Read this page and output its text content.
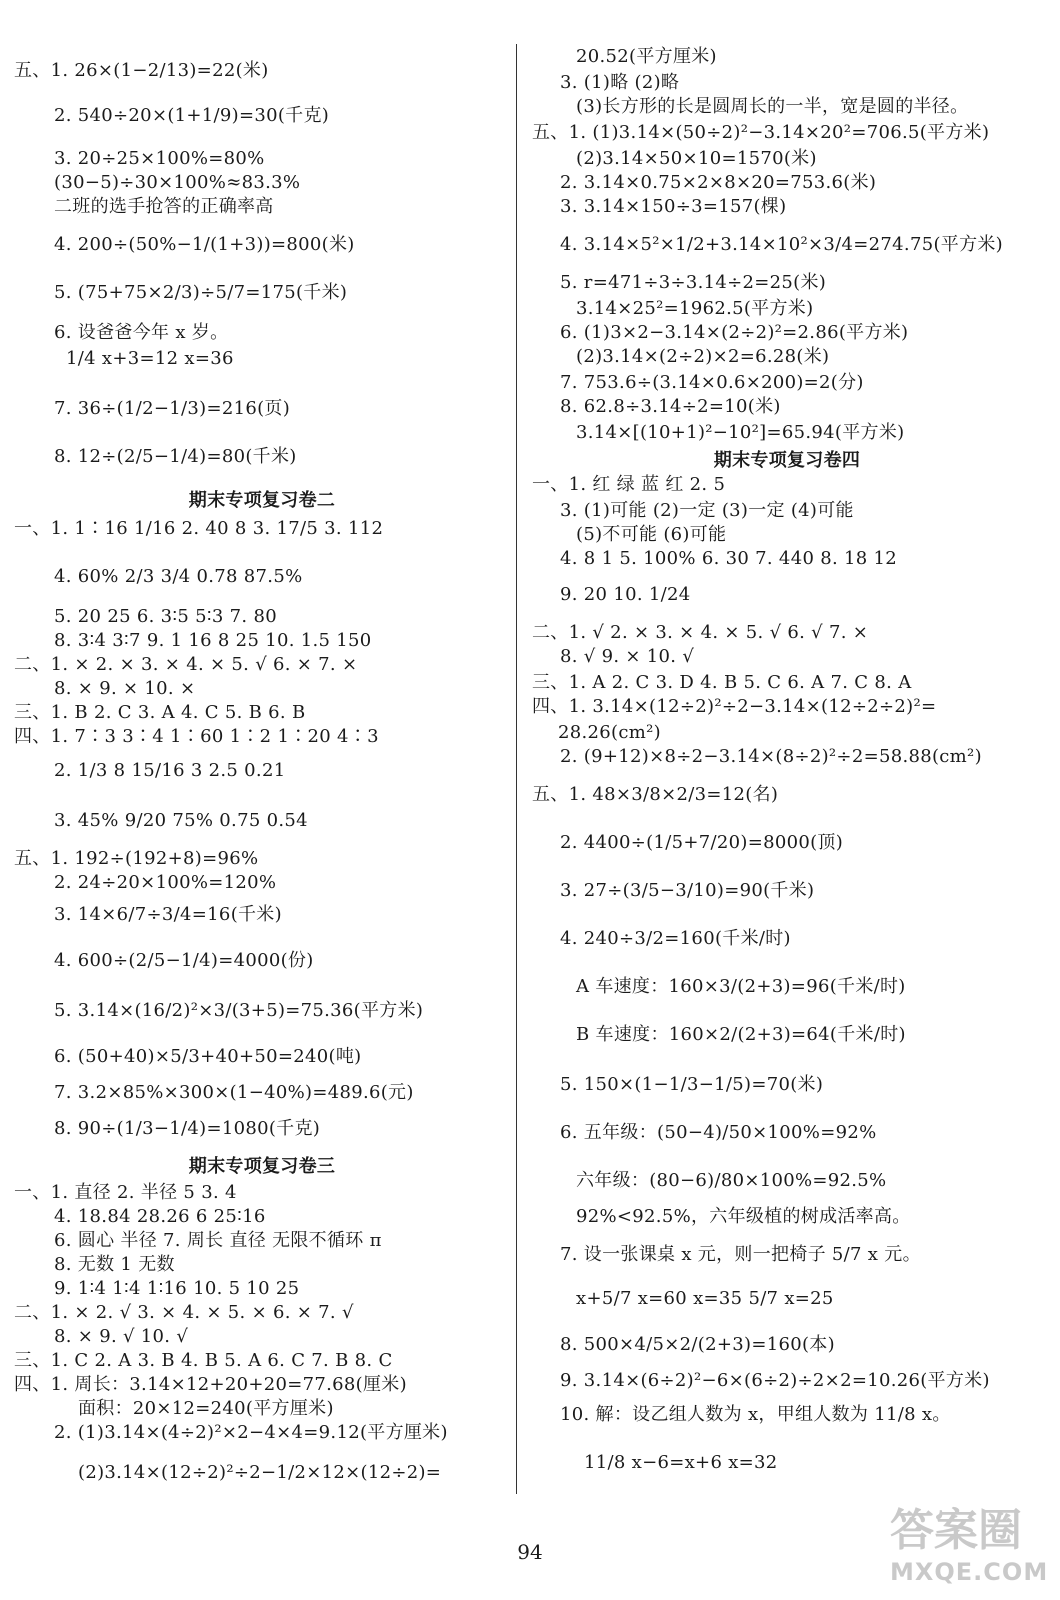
五、1. 26×(1−2/13)=22(米)
2. 540÷20×(1+1/9)=30(千克)
3. 20÷25×100%=80%
(30−5)÷30×100%≈83.3%
二班的选手抢答的正确率高
4. 200÷(50%−1/(1+3))=800(米)
5. (75+75×2/3)÷5/7=175(千米)
6. 设爸爸今年 x 岁。
1/4 x+3=12 x=36
7. 36÷(1/2−1/3)=216(页)
8. 12÷(2/5−1/4)=80(千米)
期末专项复习卷二
一、1. 1∶16 1/16 2. 40 8 3. 17/5 3. 112
4. 60% 2/3 3/4 0.78 87.5%
5. 20 25 6. 3∶5 5∶3 7. 80
8. 3∶4 3∶7 9. 1 16 8 25 10. 1.5 150
二、1. × 2. × 3. × 4. × 5. √ 6. × 7. ×
8. × 9. × 10. ×
三、1. B 2. C 3. A 4. C 5. B 6. B
四、1. 7∶3 3∶4 1∶60 1∶2 1∶20 4∶3
2. 1/3 8 15/16 3 2.5 0.21
3. 45% 9/20 75% 0.75 0.54
五、1. 192÷(192+8)=96%
2. 24÷20×100%=120%
3. 14×6/7÷3/4=16(千米)
4. 600÷(2/5−1/4)=4000(份)
5. 3.14×(16/2)²×3/(3+5)=75.36(平方米)
6. (50+40)×5/3+40+50=240(吨)
7. 3.2×85%×300×(1−40%)=489.6(元)
8. 90÷(1/3−1/4)=1080(千克)
期末专项复习卷三
一、1. 直径 2. 半径 5 3. 4
4. 18.84 28.26 6 25∶16
6. 圆心 半径 7. 周长 直径 无限不循环 π
8. 无数 1 无数
9. 1∶4 1∶4 1∶16 10. 5 10 25
二、1. × 2. √ 3. × 4. × 5. × 6. × 7. √
8. × 9. √ 10. √
三、1. C 2. A 3. B 4. B 5. A 6. C 7. B 8. C
四、1. 周长：3.14×12+20+20=77.68(厘米)
面积：20×12=240(平方厘米)
2. (1)3.14×(4÷2)²×2−4×4=9.12(平方厘米)
(2)3.14×(12÷2)²÷2−1/2×12×(12÷2)=
20.52(平方厘米)
3. (1)略 (2)略
(3)长方形的长是圆周长的一半，宽是圆的半径。
五、1. (1)3.14×(50÷2)²−3.14×20²=706.5(平方米)
(2)3.14×50×10=1570(米)
2. 3.14×0.75×2×8×20=753.6(米)
3. 3.14×150÷3=157(棵)
4. 3.14×5²×1/2+3.14×10²×3/4=274.75(平方米)
5. r=471÷3÷3.14÷2=25(米)
3.14×25²=1962.5(平方米)
6. (1)3×2−3.14×(2÷2)²=2.86(平方米)
(2)3.14×(2÷2)×2=6.28(米)
7. 753.6÷(3.14×0.6×200)=2(分)
8. 62.8÷3.14÷2=10(米)
3.14×[(10+1)²−10²]=65.94(平方米)
期末专项复习卷四
一、1. 红 绿 蓝 红 2. 5
3. (1)可能 (2)一定 (3)一定 (4)可能
(5)不可能 (6)可能
4. 8 1 5. 100% 6. 30 7. 440 8. 18 12
9. 20 10. 1/24
二、1. √ 2. × 3. × 4. × 5. √ 6. √ 7. ×
8. √ 9. × 10. √
三、1. A 2. C 3. D 4. B 5. C 6. A 7. C 8. A
四、1. 3.14×(12÷2)²÷2−3.14×(12÷2÷2)²=
28.26(cm²)
2. (9+12)×8÷2−3.14×(8÷2)²÷2=58.88(cm²)
五、1. 48×3/8×2/3=12(名)
2. 4400÷(1/5+7/20)=8000(顶)
3. 27÷(3/5−3/10)=90(千米)
4. 240÷3/2=160(千米/时)
A 车速度：160×3/(2+3)=96(千米/时)
B 车速度：160×2/(2+3)=64(千米/时)
5. 150×(1−1/3−1/5)=70(米)
6. 五年级：(50−4)/50×100%=92%
六年级：(80−6)/80×100%=92.5%
92%<92.5%，六年级植的树成活率高。
7. 设一张课桌 x 元，则一把椅子 5/7 x 元。
x+5/7 x=60 x=35 5/7 x=25
8. 500×4/5×2/(2+3)=160(本)
9. 3.14×(6÷2)²−6×(6÷2)÷2×2=10.26(平方米)
10. 解：设乙组人数为 x，甲组人数为 11/8 x。
11/8 x−6=x+6 x=32
94	答案圈
MXQE.COM
